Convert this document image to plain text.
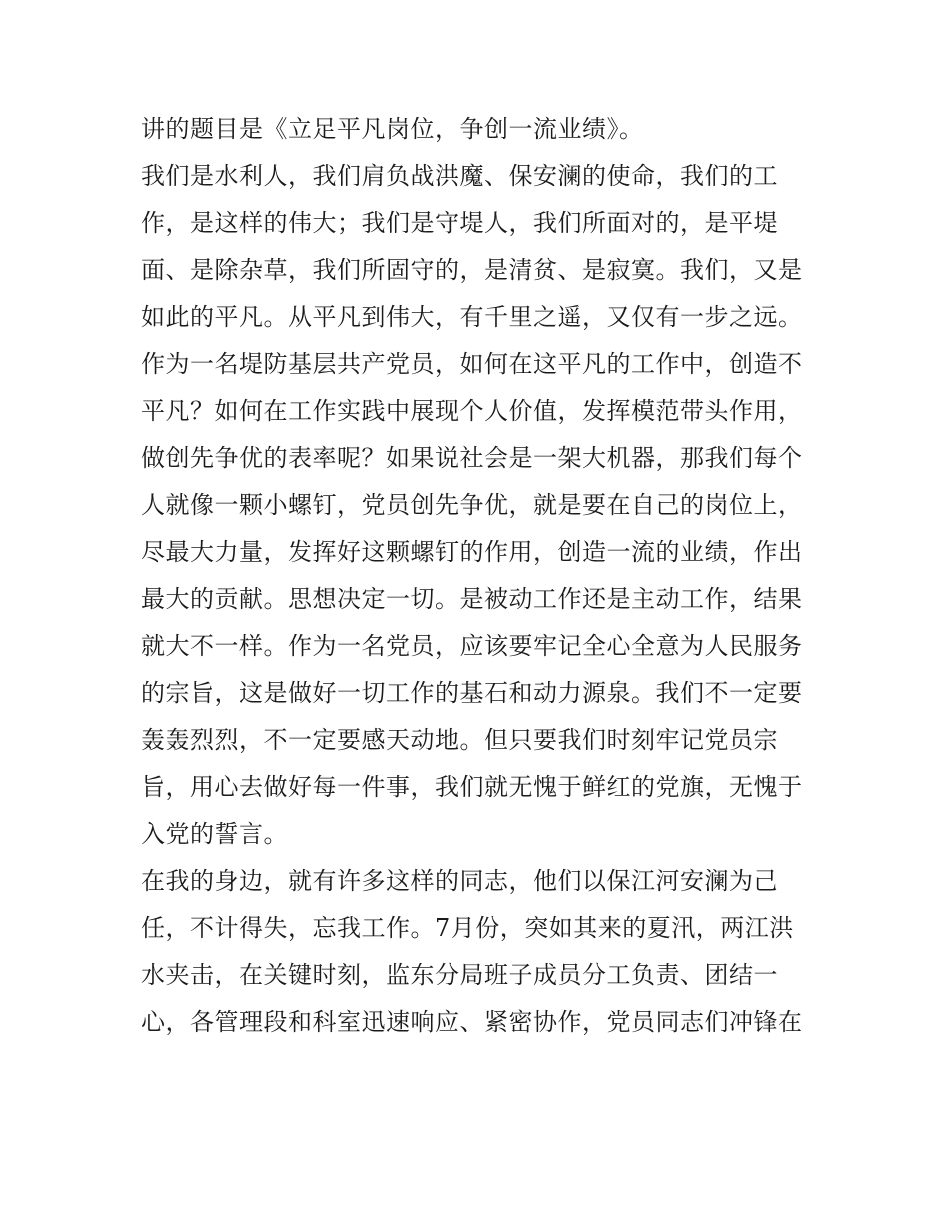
讲的题目是《立足平凡岗位，争创一流业绩》。
我们是水利人，我们肩负战洪魔、保安澜的使命，我们的工
作，是这样的伟大；我们是守堤人，我们所面对的，是平堤
面、是除杂草，我们所固守的，是清贫、是寂寞。我们，又是
如此的平凡。从平凡到伟大，有千里之遥，又仅有一步之远。
作为一名堤防基层共产党员，如何在这平凡的工作中，创造不
平凡？如何在工作实践中展现个人价值，发挥模范带头作用，
做创先争优的表率呢？如果说社会是一架大机器，那我们每个
人就像一颗小螺钉，党员创先争优，就是要在自己的岗位上，
尽最大力量，发挥好这颗螺钉的作用，创造一流的业绩，作出
最大的贡献。思想决定一切。是被动工作还是主动工作，结果
就大不一样。作为一名党员，应该要牢记全心全意为人民服务
的宗旨，这是做好一切工作的基石和动力源泉。我们不一定要
轰轰烈烈，不一定要感天动地。但只要我们时刻牢记党员宗
旨，用心去做好每一件事，我们就无愧于鲜红的党旗，无愧于
入党的誓言。
在我的身边，就有许多这样的同志，他们以保江河安澜为己
任，不计得失，忘我工作。7月份，突如其来的夏汛，两江洪
水夹击，在关键时刻，监东分局班子成员分工负责、团结一
心，各管理段和科室迅速响应、紧密协作，党员同志们冲锋在
